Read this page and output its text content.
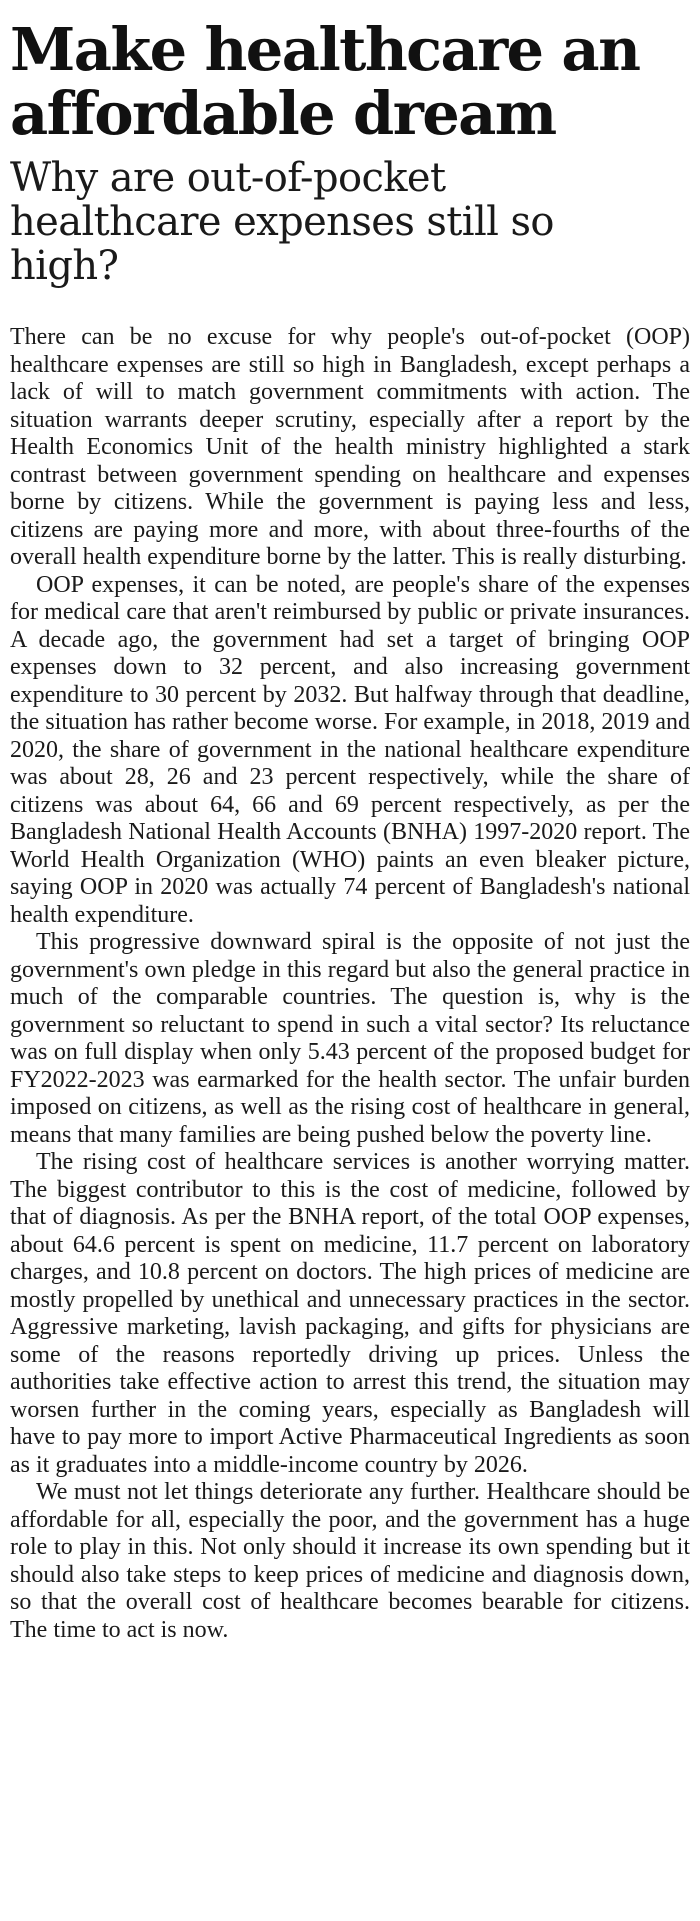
Make healthcare an affordable dream
Why are out-of-pocket healthcare expenses still so high?

There can be no excuse for why people's out-of-pocket (OOP) healthcare expenses are still so high in Bangladesh, except perhaps a lack of will to match government commitments with action. The situation warrants deeper scrutiny, especially after a report by the Health Economics Unit of the health ministry highlighted a stark contrast between government spending on healthcare and expenses borne by citizens. While the government is paying less and less, citizens are paying more and more, with about three-fourths of the overall health expenditure borne by the latter. This is really disturbing.

OOP expenses, it can be noted, are people's share of the expenses for medical care that aren't reimbursed by public or private insurances. A decade ago, the government had set a target of bringing OOP expenses down to 32 percent, and also increasing government expenditure to 30 percent by 2032. But halfway through that deadline, the situation has rather become worse. For example, in 2018, 2019 and 2020, the share of government in the national healthcare expenditure was about 28, 26 and 23 percent respectively, while the share of citizens was about 64, 66 and 69 percent respectively, as per the Bangladesh National Health Accounts (BNHA) 1997-2020 report. The World Health Organization (WHO) paints an even bleaker picture, saying OOP in 2020 was actually 74 percent of Bangladesh's national health expenditure.

This progressive downward spiral is the opposite of not just the government's own pledge in this regard but also the general practice in much of the comparable countries. The question is, why is the government so reluctant to spend in such a vital sector? Its reluctance was on full display when only 5.43 percent of the proposed budget for FY2022-2023 was earmarked for the health sector. The unfair burden imposed on citizens, as well as the rising cost of healthcare in general, means that many families are being pushed below the poverty line.

The rising cost of healthcare services is another worrying matter. The biggest contributor to this is the cost of medicine, followed by that of diagnosis. As per the BNHA report, of the total OOP expenses, about 64.6 percent is spent on medicine, 11.7 percent on laboratory charges, and 10.8 percent on doctors. The high prices of medicine are mostly propelled by unethical and unnecessary practices in the sector. Aggressive marketing, lavish packaging, and gifts for physicians are some of the reasons reportedly driving up prices. Unless the authorities take effective action to arrest this trend, the situation may worsen further in the coming years, especially as Bangladesh will have to pay more to import Active Pharmaceutical Ingredients as soon as it graduates into a middle-income country by 2026.

We must not let things deteriorate any further. Healthcare should be affordable for all, especially the poor, and the government has a huge role to play in this. Not only should it increase its own spending but it should also take steps to keep prices of medicine and diagnosis down, so that the overall cost of healthcare becomes bearable for citizens. The time to act is now.
